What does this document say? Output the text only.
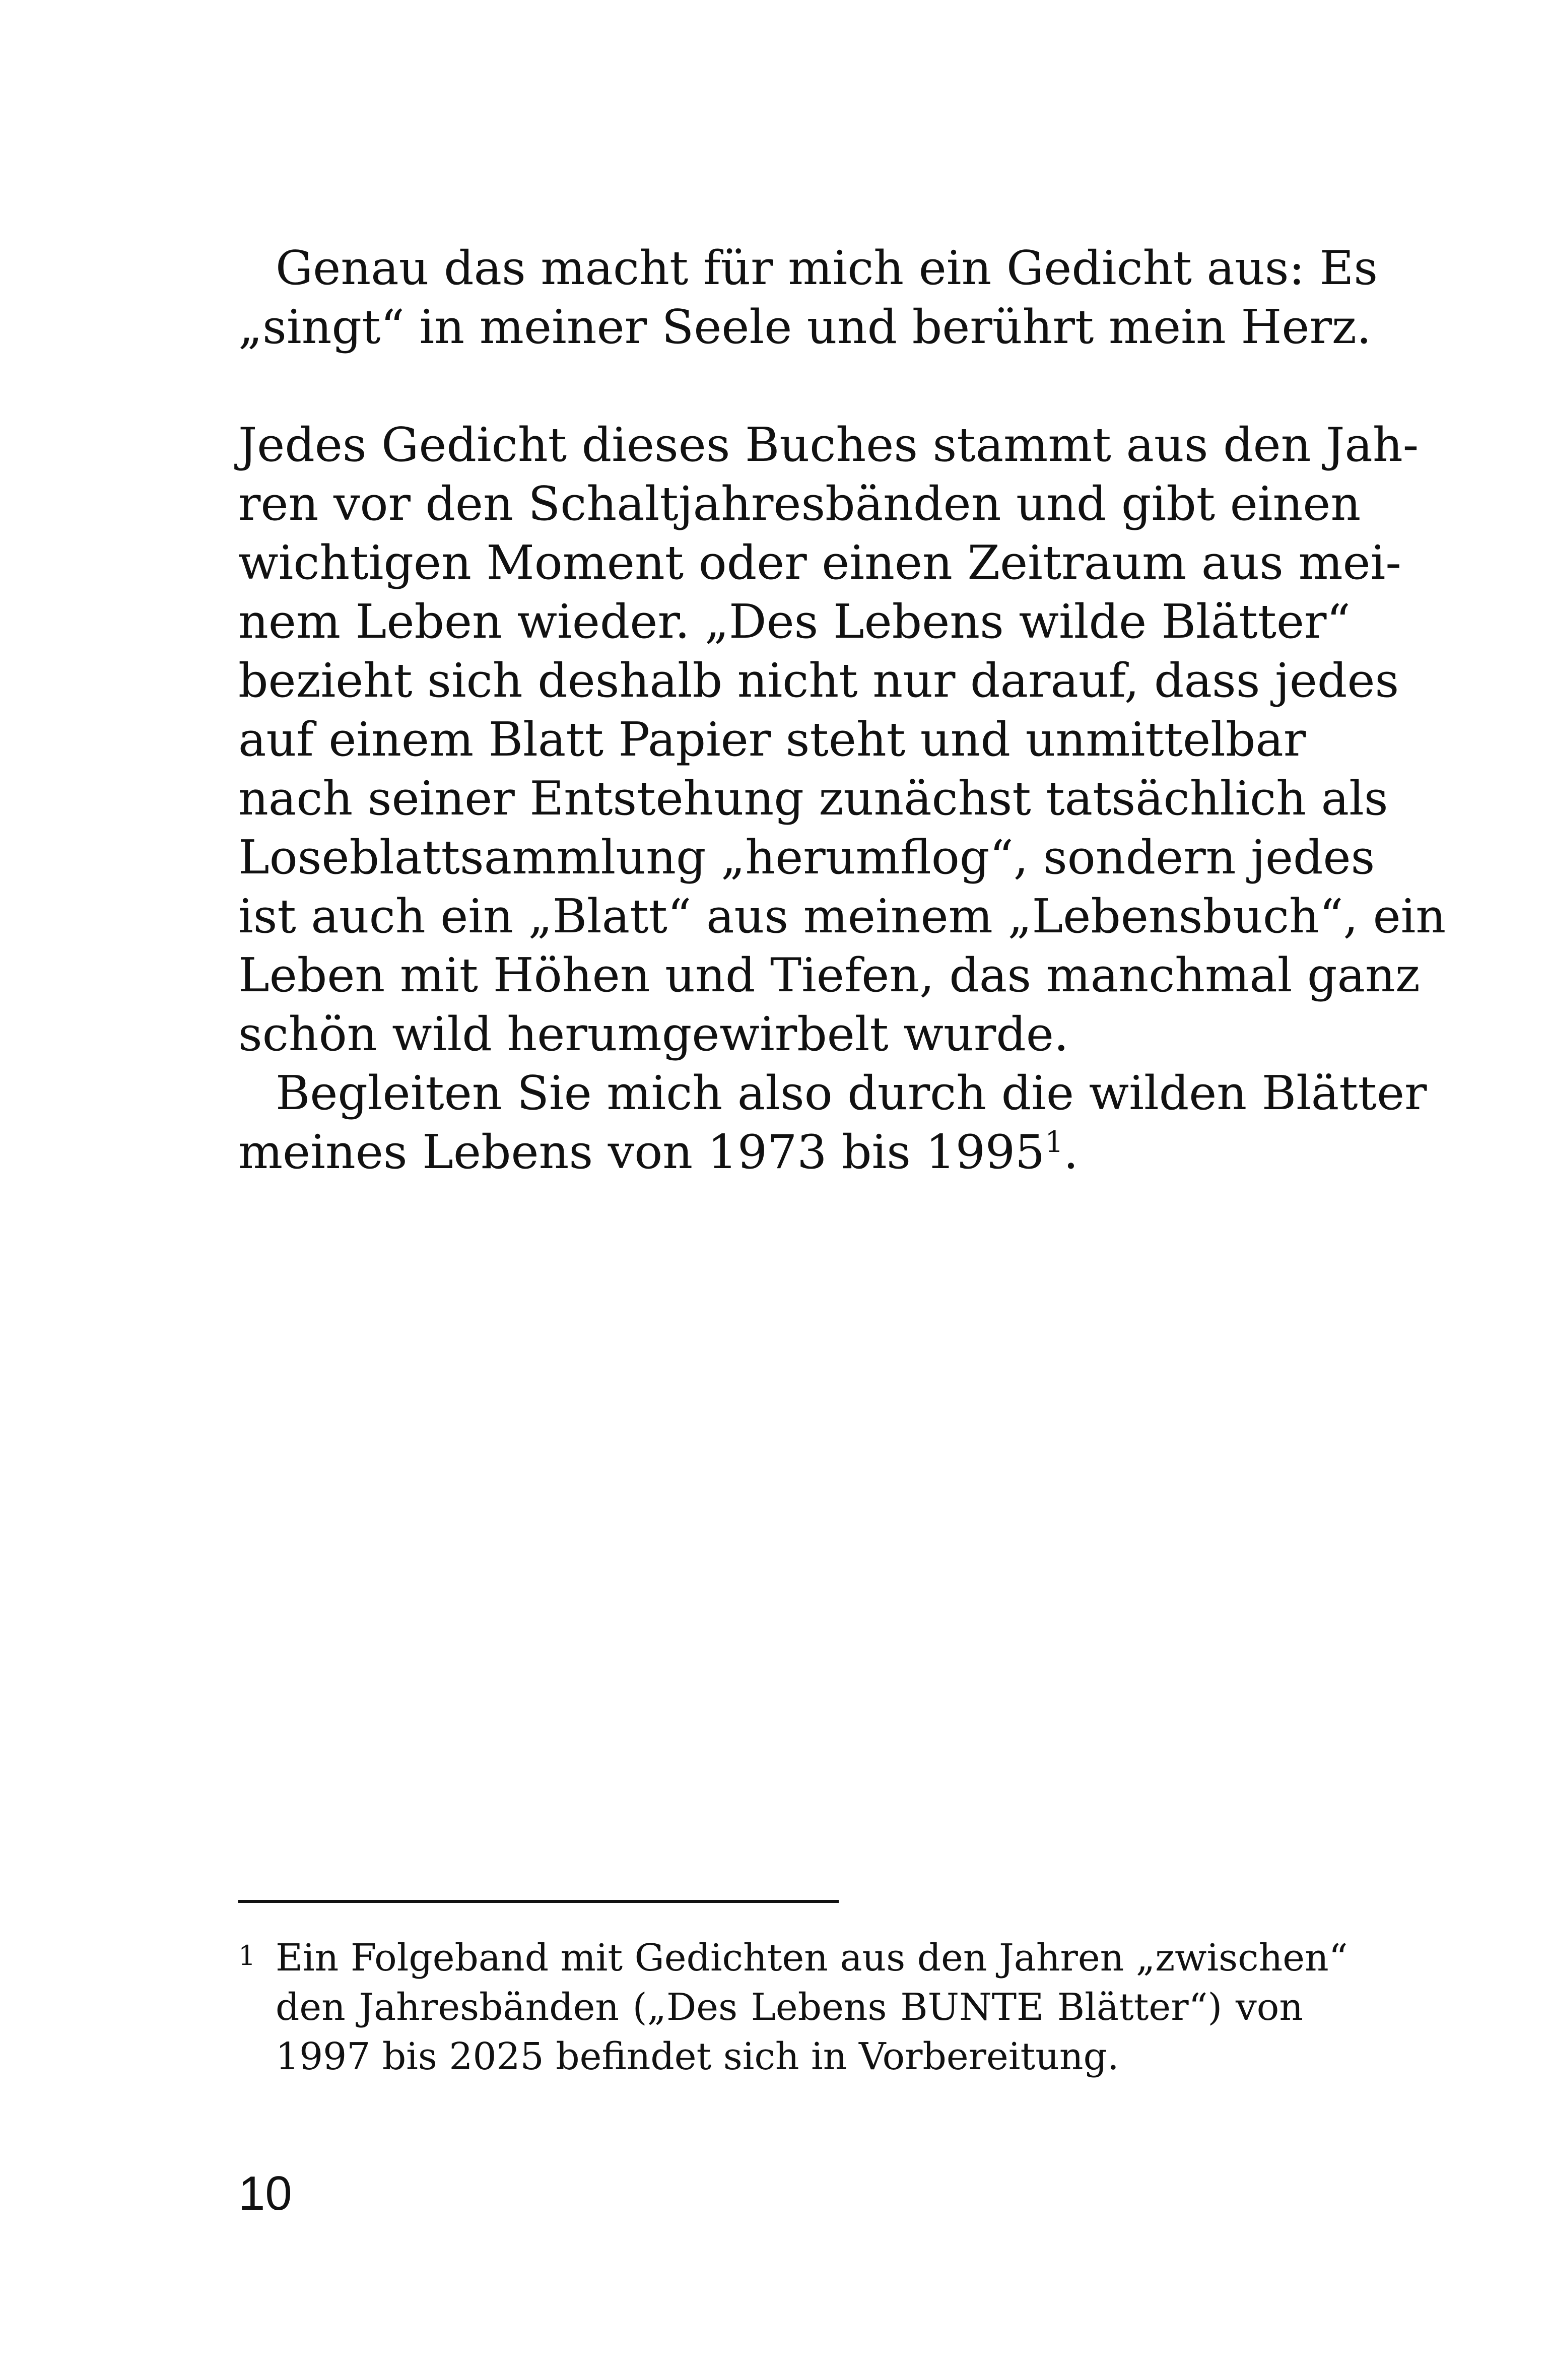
Genau das macht für mich ein Gedicht aus: Es
„singt“ in meiner Seele und berührt mein Herz.
Jedes Gedicht dieses Buches stammt aus den Jah-
ren vor den Schaltjahresbänden und gibt einen
wichtigen Moment oder einen Zeitraum aus mei-
nem Leben wieder. „Des Lebens wilde Blätter“
bezieht sich deshalb nicht nur darauf, dass jedes
auf einem Blatt Papier steht und unmittelbar
nach seiner Entstehung zunächst tatsächlich als
Loseblattsammlung „herumflog“, sondern jedes
ist auch ein „Blatt“ aus meinem „Lebensbuch“, ein
Leben mit Höhen und Tiefen, das manchmal ganz
schön wild herumgewirbelt wurde.
Begleiten Sie mich also durch die wilden Blätter
meines Lebens von 1973 bis 1995$^1$.
1 Ein Folgeband mit Gedichten aus den Jahren „zwischen“
den Jahresbänden („Des Lebens BUNTE Blätter“) von
1997 bis 2025 befindet sich in Vorbereitung.
10
